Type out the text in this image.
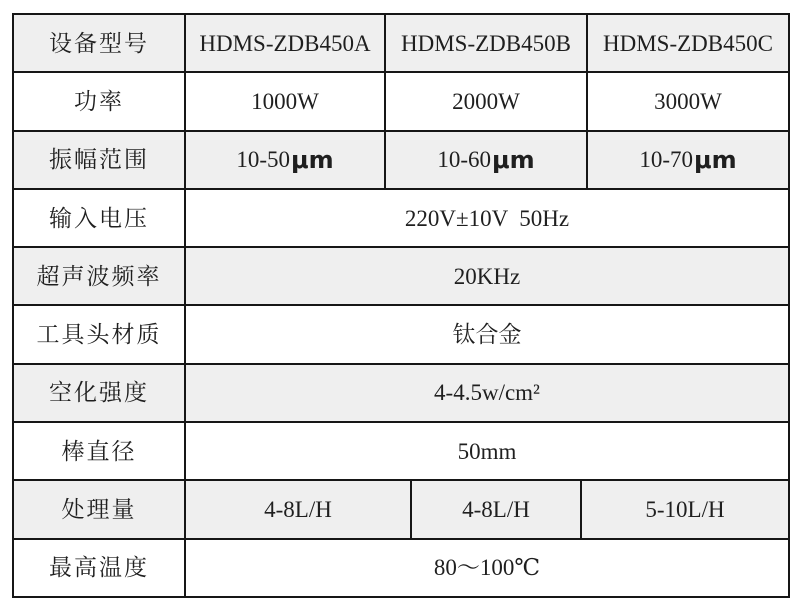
设备型号	HDMS-ZDB450A	HDMS-ZDB450B	HDMS-ZDB450C
功率	1000W	2000W	3000W
振幅范围	10-50 μm	10-60 μm	10-70 μm
输入电压	220V±10V  50Hz
超声波频率	20KHz
工具头材质	钛合金
空化强度	4-4.5w/cm²
棒直径	50mm
处理量	4-8L/H	4-8L/H	5-10L/H
最高温度	80～100℃
